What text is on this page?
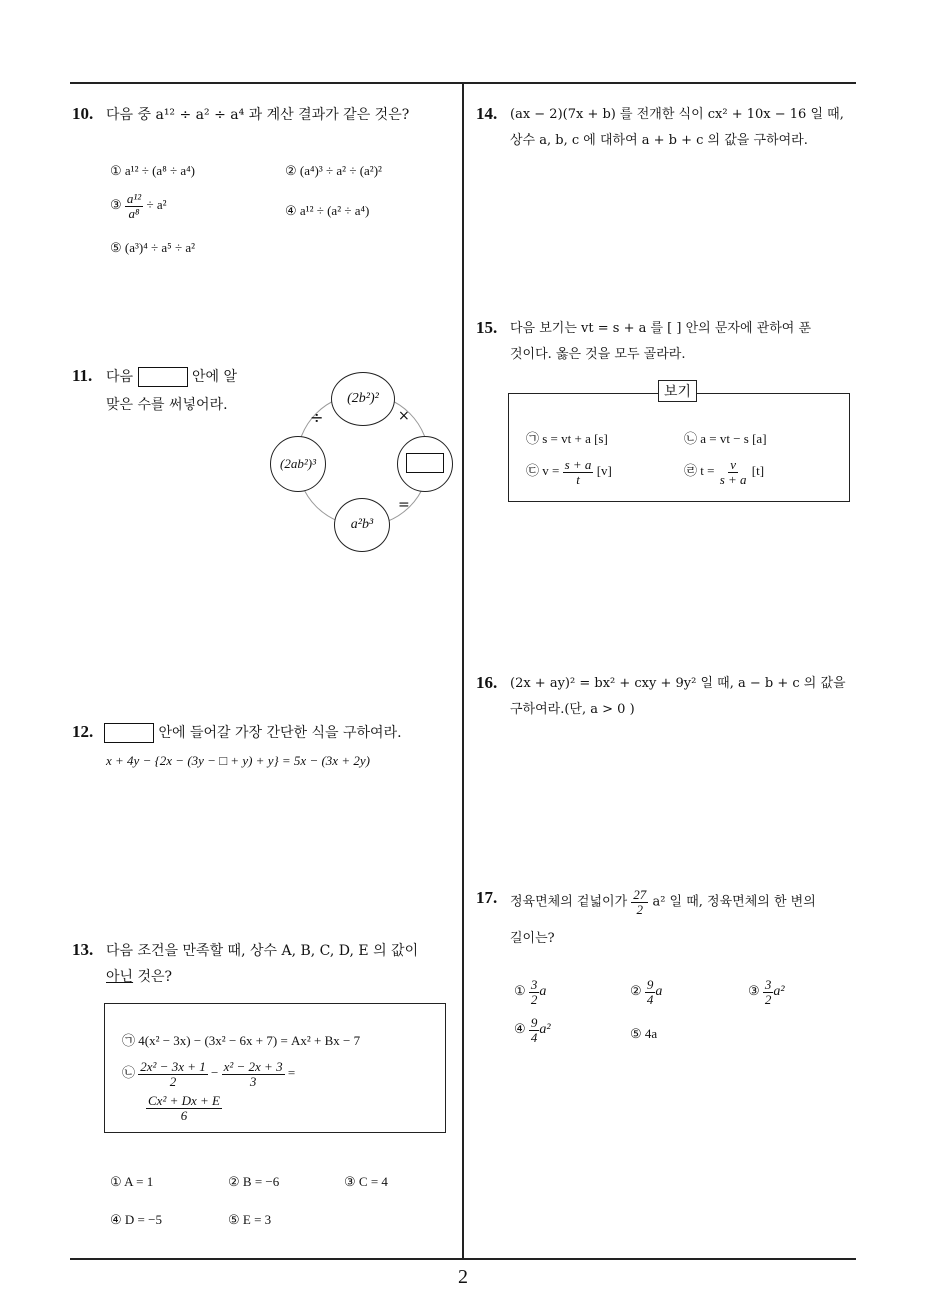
10. 다음 중 a¹² ÷ a² ÷ a⁴ 과 계산 결과가 같은 것은?
① a¹² ÷ (a⁸ ÷ a⁴)	② (a⁴)³ ÷ a² ÷ (a²)²
③ $\frac{\text{a¹²}}{\text{a⁸}} \div a^2$	④ a¹² ÷ (a² ÷ a⁴)
⑤ (a³)⁴ ÷ a⁵ ÷ a²
11. 다음	안에 알
맞은 수를 써넣어라.	(2b²)²
(2ab²)³
a²b³
÷	×
=
12.	안에 들어갈 가장 간단한 식을 구하여라.
x + 4y − {2x − (3y − □ + y) + y} = 5x − (3x + 2y)
13. 다음 조건을 만족할 때, 상수 A, B, C, D, E 의 값이
아닌 것은?
㉠ 4(x² − 3x) − (3x² − 6x + 7) = Ax² + Bx − 7
㉡ $\frac{\text{2x² − 3x + 1}}{2} - \frac{\text{x² − 2x + 3}}{3}$ =
$\frac{\text{Cx² + Dx + E}}{6}$
① A = 1	② B = −6	③ C = 4
④ D = −5	⑤ E = 3
14. (ax − 2)(7x + b) 를 전개한 식이 cx² + 10x − 16 일 때,
상수 a, b, c 에 대하여 a + b + c 의 값을 구하여라.
15. 다음 보기는 vt = s + a 를 [ ] 안의 문자에 관하여 푼
것이다. 옳은 것을 모두 골라라.
보기
㉠ s = vt + a [s]	㉡ a = vt − s [a]
㉢ $v = \frac{s + a}{t} [v]$	㉣ $t = \frac{v}{s + a} [t]$
16. (2x + ay)² = bx² + cxy + 9y² 일 때, a − b + c 의 값을
구하여라.(단, a > 0 )
17. 정육면체의 겉넓이가 $\frac{27}{2} a^2$ 일 때, 정육면체의 한 변의
길이는?
① $\frac{3}{2}$ a	② $\frac{9}{4}$ a	③ $\frac{3}{2} a^2$
④ $\frac{9}{4} a^2$	⑤ 4a
2
